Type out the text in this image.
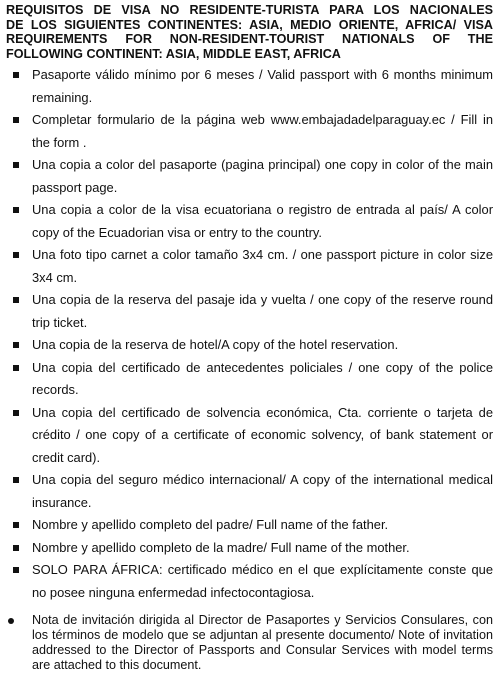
REQUISITOS DE VISA NO RESIDENTE-TURISTA PARA LOS NACIONALES
DE LOS SIGUIENTES CONTINENTES: ASIA, MEDIO ORIENTE, AFRICA/ VISA
REQUIREMENTS FOR NON-RESIDENT-TOURIST NATIONALS OF THE
FOLLOWING CONTINENT: ASIA, MIDDLE EAST, AFRICA
Pasaporte válido mínimo por 6 meses / Valid passport with 6 months minimum remaining.
Completar formulario de la página web www.embajadadelparaguay.ec / Fill in the form .
Una copia a color del pasaporte (pagina principal) one copy in color of the main passport page.
Una copia a color de la visa ecuatoriana o registro de entrada al país/ A color copy of the Ecuadorian visa or entry to the country.
Una foto tipo carnet a color tamaño 3x4 cm. / one passport picture in color size 3x4 cm.
Una copia de la reserva del pasaje ida y vuelta / one copy of the reserve round trip ticket.
Una copia de la reserva de hotel/A copy of the hotel reservation.
Una copia del certificado de antecedentes policiales / one copy of the police records.
Una copia del certificado de solvencia económica, Cta. corriente o tarjeta de crédito / one copy of a certificate of economic solvency, of bank statement or credit card).
Una copia del seguro médico internacional/ A copy of the international medical insurance.
Nombre y apellido completo del padre/ Full name of the father.
Nombre y apellido completo de la madre/ Full name of the mother.
SOLO PARA ÁFRICA: certificado médico en el que explícitamente conste que no posee ninguna enfermedad infectocontagiosa.
Nota de invitación dirigida al Director de Pasaportes y Servicios Consulares, con los términos de modelo que se adjuntan al presente documento/ Note of invitation addressed to the Director of Passports and Consular Services with model terms are attached to this document.
